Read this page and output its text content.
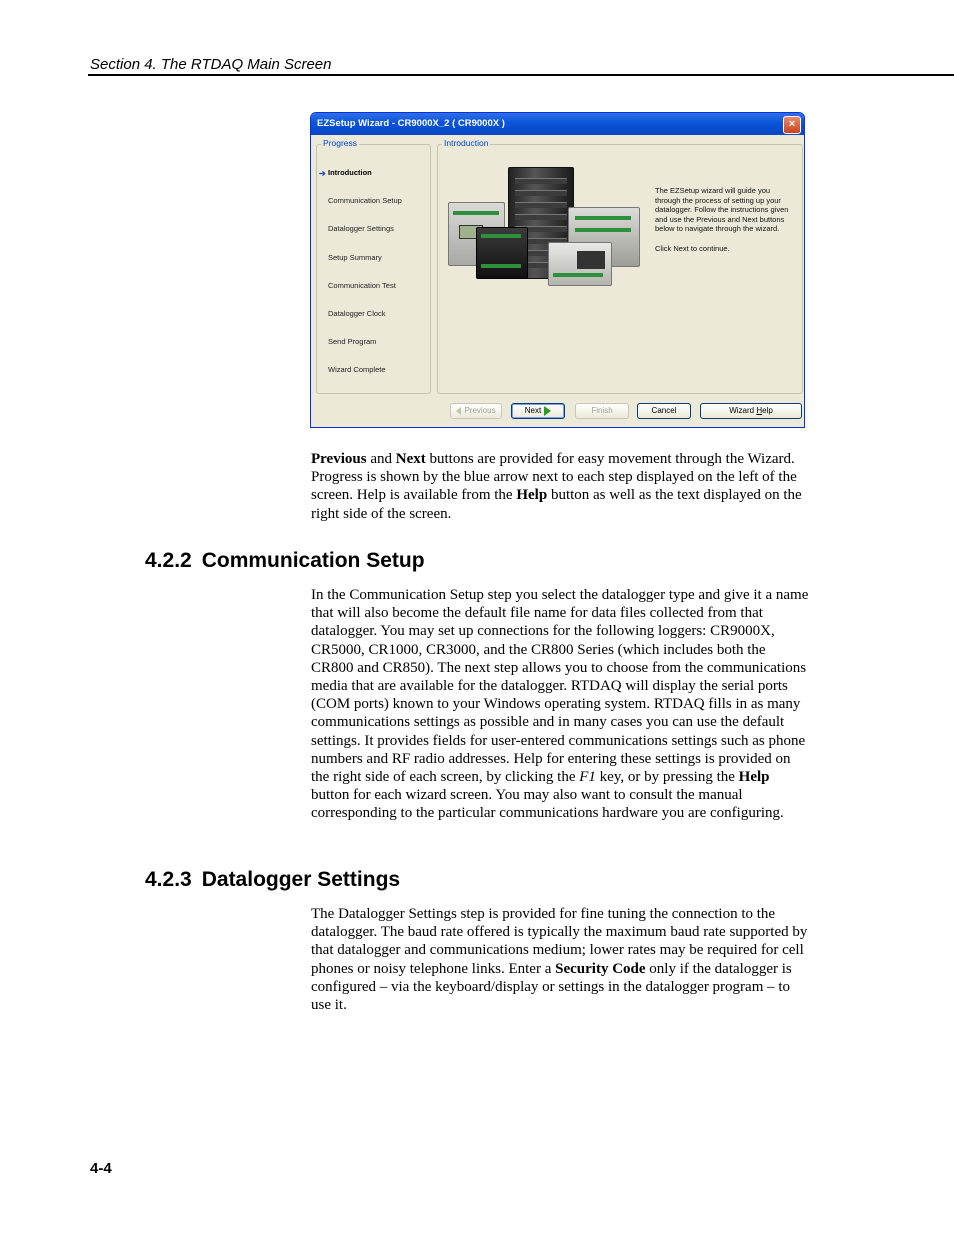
Section 4. The RTDAQ Main Screen
EZSetup Wizard - CR9000X_2 ( CR9000X )	×
Progress
➔ Introduction
Communication Setup
Datalogger Settings
Setup Summary
Communication Test
Datalogger Clock
Send Program
Wizard Complete
Introduction

The EZSetup wizard will guide you through the process of setting up your datalogger. Follow the instructions given and use the Previous and Next buttons below to navigate through the wizard.

Click Next to continue.

Previous	Next	Finish	Cancel	Wizard Help

Previous and Next buttons are provided for easy movement through the Wizard. Progress is shown by the blue arrow next to each step displayed on the left of the screen. Help is available from the Help button as well as the text displayed on the right side of the screen.

4.2.2 Communication Setup

In the Communication Setup step you select the datalogger type and give it a name that will also become the default file name for data files collected from that datalogger. You may set up connections for the following loggers: CR9000X, CR5000, CR1000, CR3000, and the CR800 Series (which includes both the CR800 and CR850). The next step allows you to choose from the communications media that are available for the datalogger. RTDAQ will display the serial ports (COM ports) known to your Windows operating system. RTDAQ fills in as many communications settings as possible and in many cases you can use the default settings. It provides fields for user-entered communications settings such as phone numbers and RF radio addresses. Help for entering these settings is provided on the right side of each screen, by clicking the F1 key, or by pressing the Help button for each wizard screen. You may also want to consult the manual corresponding to the particular communications hardware you are configuring.

4.2.3 Datalogger Settings

The Datalogger Settings step is provided for fine tuning the connection to the datalogger. The baud rate offered is typically the maximum baud rate supported by that datalogger and communications medium; lower rates may be required for cell phones or noisy telephone links. Enter a Security Code only if the datalogger is configured – via the keyboard/display or settings in the datalogger program – to use it.

4-4
